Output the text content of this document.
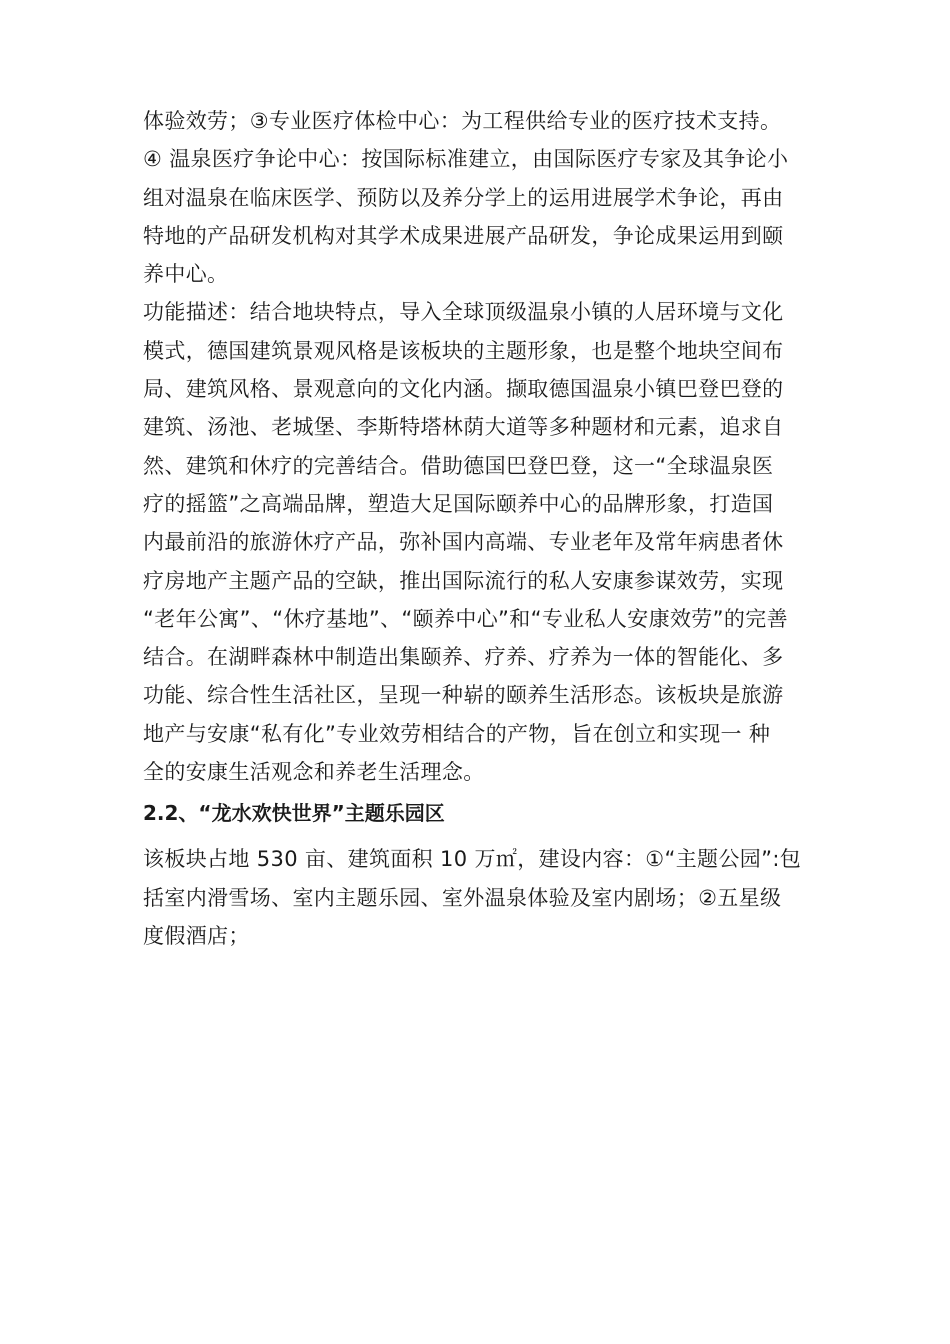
体验效劳；③专业医疗体检中心：为工程供给专业的医疗技术支持。
④ 温泉医疗争论中心：按国际标准建立，由国际医疗专家及其争论小
组对温泉在临床医学、预防以及养分学上的运用进展学术争论，再由
特地的产品研发机构对其学术成果进展产品研发，争论成果运用到颐
养中心。

功能描述：结合地块特点，导入全球顶级温泉小镇的人居环境与文化
模式，德国建筑景观风格是该板块的主题形象，也是整个地块空间布
局、建筑风格、景观意向的文化内涵。撷取德国温泉小镇巴登巴登的
建筑、汤池、老城堡、李斯特塔林荫大道等多种题材和元素，追求自
然、建筑和休疗的完善结合。借助德国巴登巴登，这一“全球温泉医
疗的摇篮”之高端品牌，塑造大足国际颐养中心的品牌形象，打造国
内最前沿的旅游休疗产品，弥补国内高端、专业老年及常年病患者休
疗房地产主题产品的空缺，推出国际流行的私人安康参谋效劳，实现
“老年公寓”、“休疗基地”、“颐养中心”和“专业私人安康效劳”的完善
结合。在湖畔森林中制造出集颐养、疗养、疗养为一体的智能化、多
功能、综合性生活社区，呈现一种崭的颐养生活形态。该板块是旅游
地产与安康“私有化”专业效劳相结合的产物，旨在创立和实现一 种
全的安康生活观念和养老生活理念。

2.2、“龙水欢快世界”主题乐园区

该板块占地 530 亩、建筑面积 10 万㎡，建设内容：①“主题公园”:包
括室内滑雪场、室内主题乐园、室外温泉体验及室内剧场；②五星级
度假酒店；
